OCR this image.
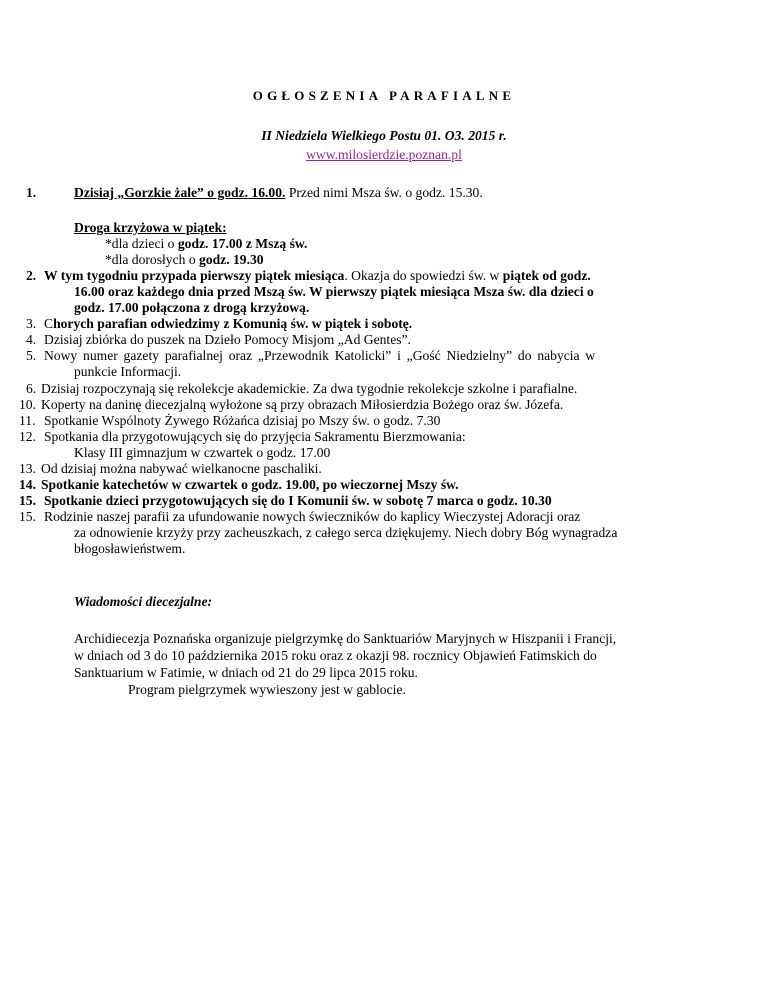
OGŁOSZENIA PARAFIALNE
II Niedziela Wielkiego Postu 01. O3. 2015 r.
www.milosierdzie.poznan.pl
1.	Dzisiaj „Gorzkie żale” o godz. 16.00. Przed nimi Msza św. o godz. 15.30.
Droga krzyżowa w piątek:
*dla dzieci o godz. 17.00 z Mszą św.
*dla dorosłych o godz. 19.30
2. W tym tygodniu przypada pierwszy piątek miesiąca. Okazja do spowiedzi św. w piątek od godz.
16.00 oraz każdego dnia przed Mszą św. W pierwszy piątek miesiąca Msza św. dla dzieci o
godz. 17.00 połączona z drogą krzyżową.
3. Chorych parafian odwiedzimy z Komunią św. w piątek i sobotę.
4. Dzisiaj zbiórka do puszek na Dzieło Pomocy Misjom „Ad Gentes”.
5. Nowy numer gazety parafialnej oraz „Przewodnik Katolicki” i „Gość Niedzielny” do nabycia w
punkcie Informacji.
6. Dzisiaj rozpoczynają się rekolekcje akademickie. Za dwa tygodnie rekolekcje szkolne i parafialne.
10. Koperty na daninę diecezjalną wyłożone są przy obrazach Miłosierdzia Bożego oraz św. Józefa.
11. Spotkanie Wspólnoty Żywego Różańca dzisiaj po Mszy św. o godz. 7.30
12. Spotkania dla przygotowujących się do przyjęcia Sakramentu Bierzmowania:
Klasy III gimnazjum w czwartek o godz. 17.00
13. Od dzisiaj można nabywać wielkanocne paschaliki.
14. Spotkanie katechetów w czwartek o godz. 19.00, po wieczornej Mszy św.
15. Spotkanie dzieci przygotowujących się do I Komunii św. w sobotę 7 marca o godz. 10.30
15. Rodzinie naszej parafii za ufundowanie nowych świeczników do kaplicy Wieczystej Adoracji oraz
za odnowienie krzyży przy zacheuszkach, z całego serca dziękujemy. Niech dobry Bóg wynagradza
błogosławieństwem.
Wiadomości diecezjalne:
Archidiecezja Poznańska organizuje pielgrzymkę do Sanktuariów Maryjnych w Hiszpanii i Francji,
w dniach od 3 do 10 października 2015 roku oraz z okazji 98. rocznicy Objawień Fatimskich do
Sanktuarium w Fatimie, w dniach od 21 do 29 lipca 2015 roku.
Program pielgrzymek wywieszony jest w gablocie.
